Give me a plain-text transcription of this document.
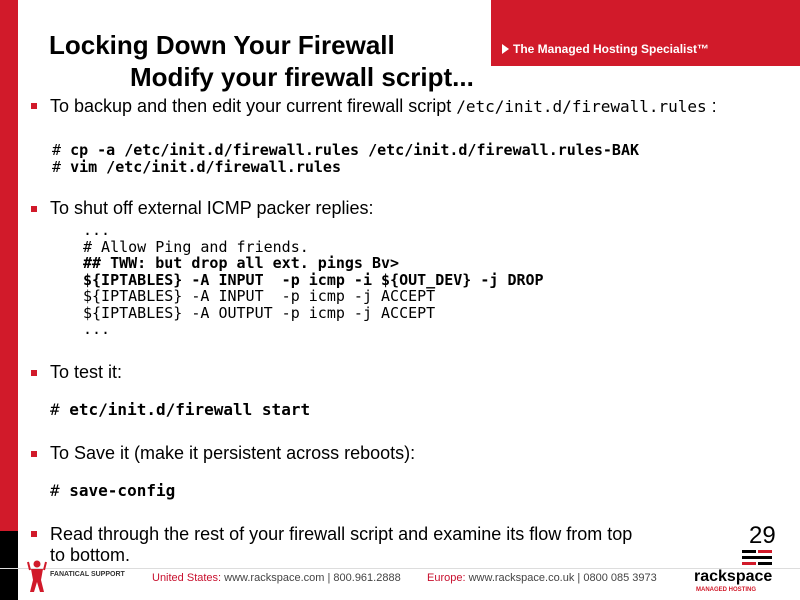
The Managed Hosting Specialist™
Locking Down Your Firewall
Modify your firewall script...
To backup and then edit your current firewall script /etc/init.d/firewall.rules :
# cp -a /etc/init.d/firewall.rules /etc/init.d/firewall.rules-BAK
# vim /etc/init.d/firewall.rules
To shut off external ICMP packer replies:
...
# Allow Ping and friends.
## TWW: but drop all ext. pings Bv>
${IPTABLES} -A INPUT  -p icmp -i ${OUT_DEV} -j DROP
${IPTABLES} -A INPUT  -p icmp -j ACCEPT
${IPTABLES} -A OUTPUT -p icmp -j ACCEPT
...
To test it:
# etc/init.d/firewall start
To Save it (make it persistent across reboots):
# save-config
Read through the rest of your firewall script and examine its flow from top
to bottom.
29
United States: www.rackspace.com | 800.961.2888 Europe: www.rackspace.co.uk | 0800 085 3973
FANATICAL SUPPORT	rackspace
MANAGED HOSTING
